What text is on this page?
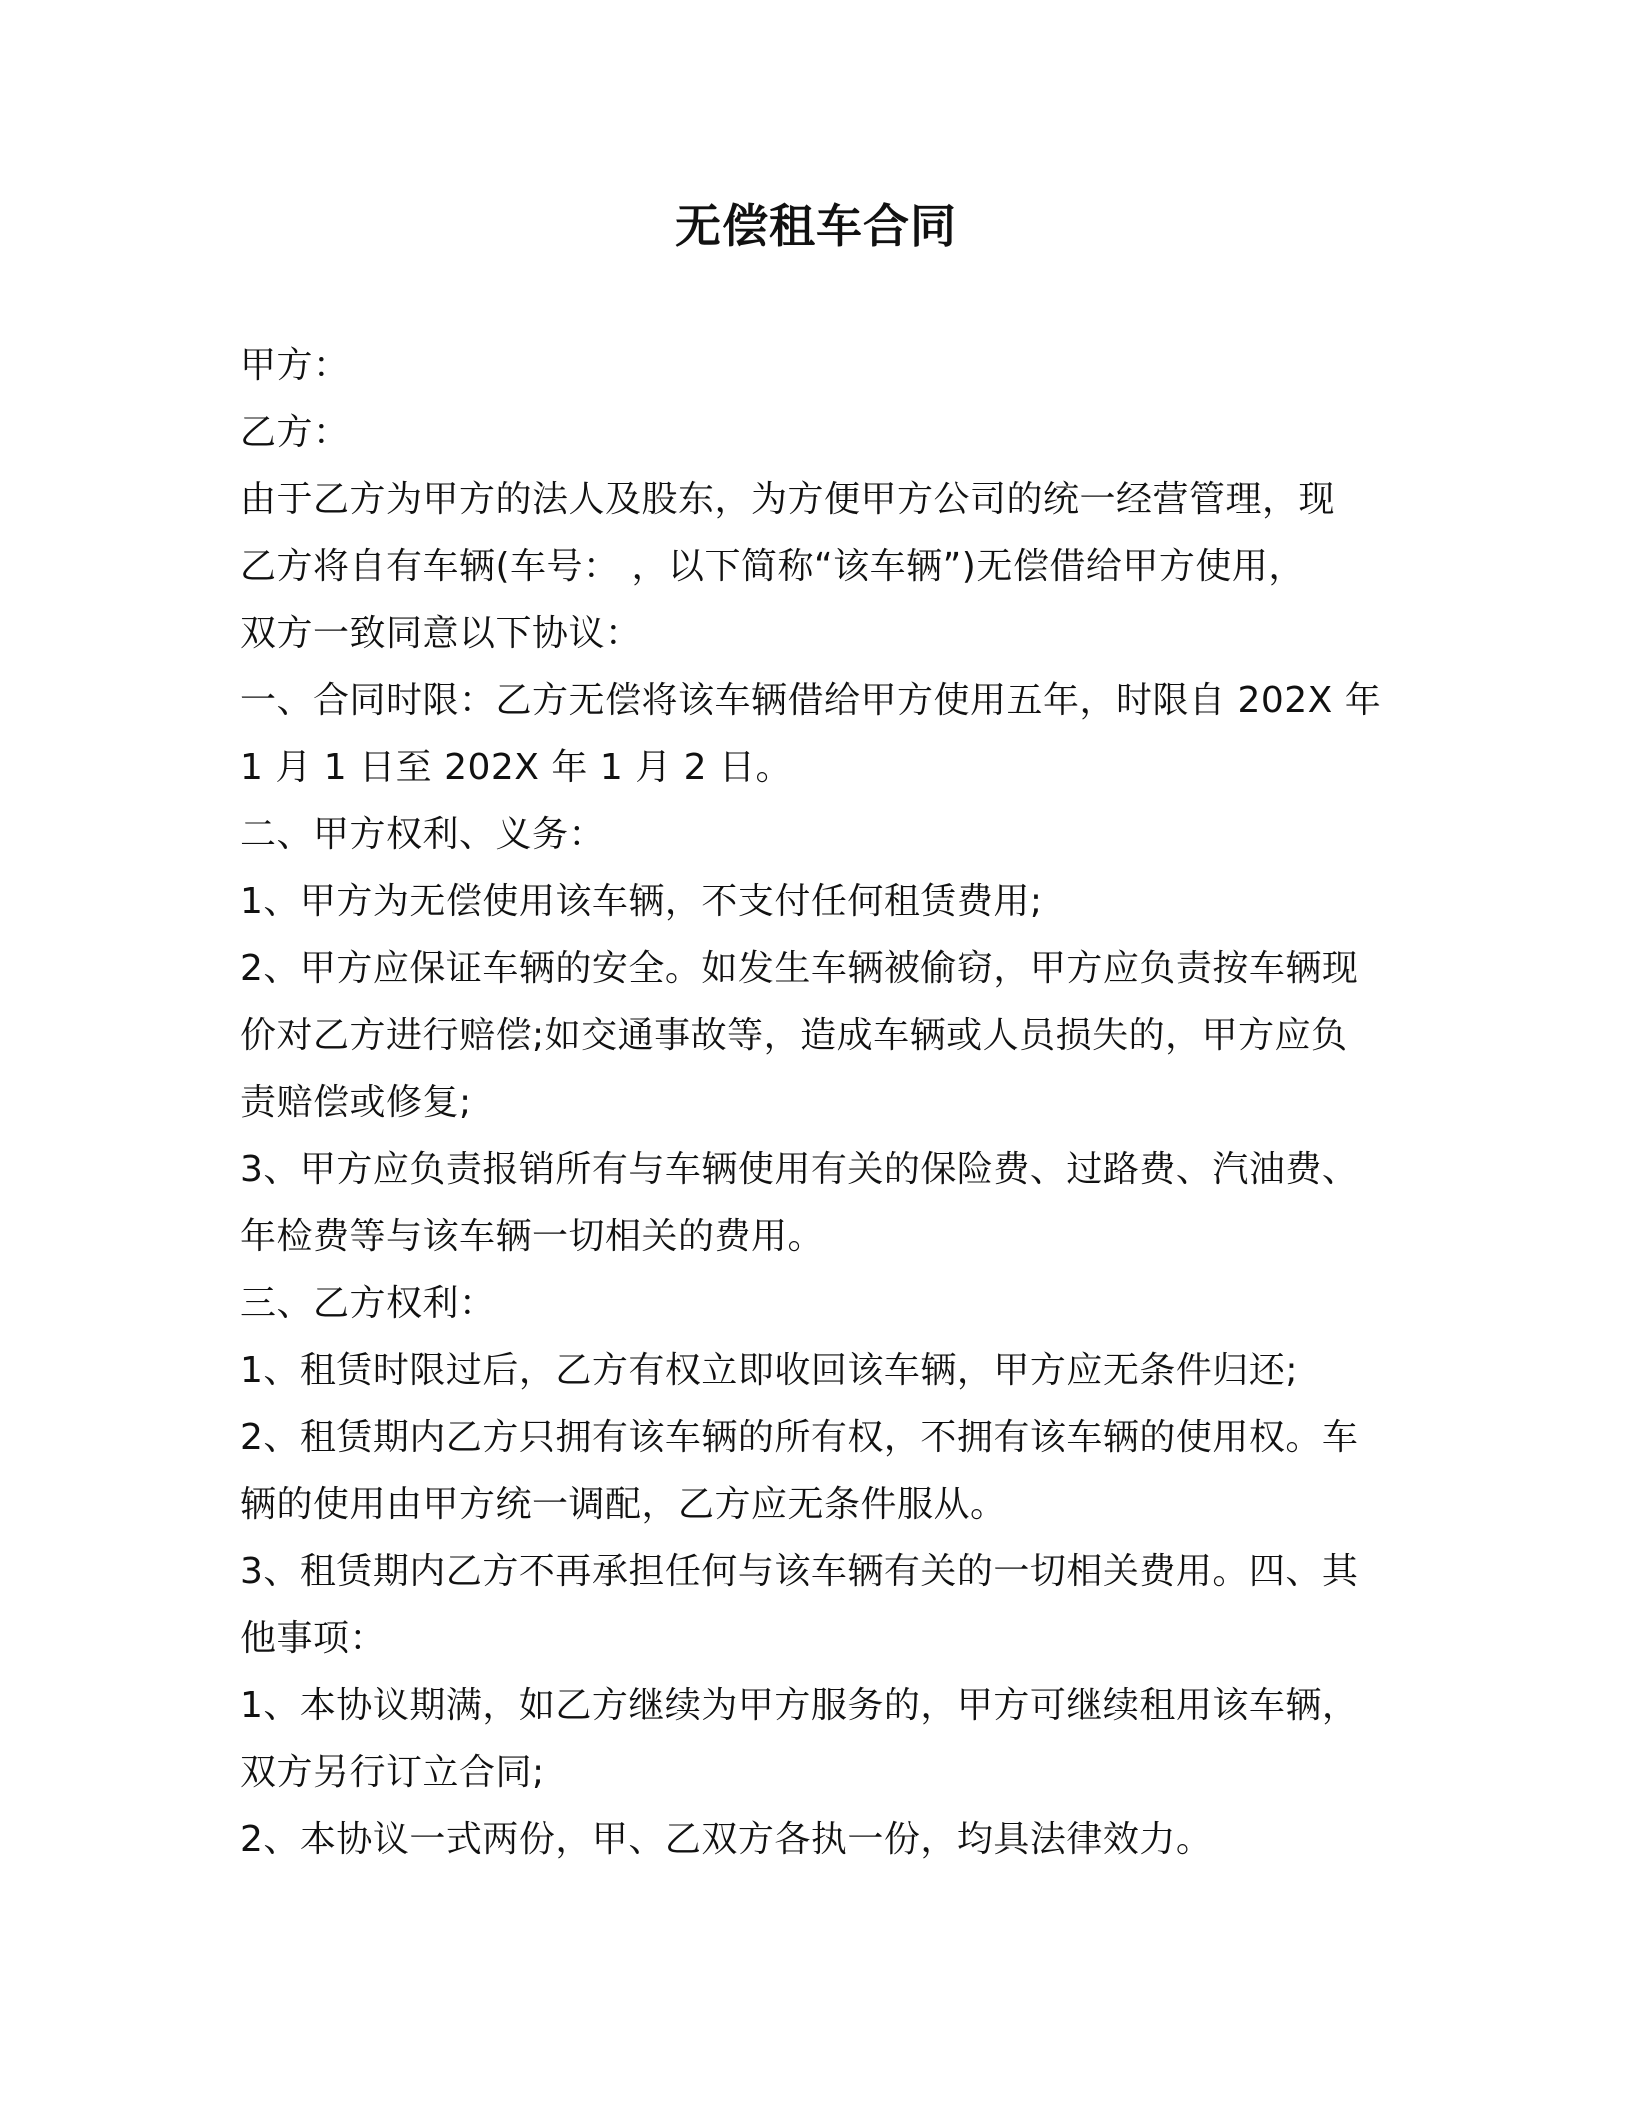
无偿租车合同
甲方：
乙方：
由于乙方为甲方的法人及股东，为方便甲方公司的统一经营管理，现
乙方将自有车辆(车号： ，以下简称“该车辆”)无偿借给甲方使用，
双方一致同意以下协议：
一、合同时限：乙方无偿将该车辆借给甲方使用五年，时限自 202X 年
1 月 1 日至 202X 年 1 月 2 日。
二、甲方权利、义务：
1、甲方为无偿使用该车辆，不支付任何租赁费用;
2、甲方应保证车辆的安全。如发生车辆被偷窃，甲方应负责按车辆现
价对乙方进行赔偿;如交通事故等，造成车辆或人员损失的，甲方应负
责赔偿或修复;
3、甲方应负责报销所有与车辆使用有关的保险费、过路费、汽油费、
年检费等与该车辆一切相关的费用。
三、乙方权利：
1、租赁时限过后，乙方有权立即收回该车辆，甲方应无条件归还;
2、租赁期内乙方只拥有该车辆的所有权，不拥有该车辆的使用权。车
辆的使用由甲方统一调配，乙方应无条件服从。
3、租赁期内乙方不再承担任何与该车辆有关的一切相关费用。四、其
他事项：
1、本协议期满，如乙方继续为甲方服务的，甲方可继续租用该车辆，
双方另行订立合同;
2、本协议一式两份，甲、乙双方各执一份，均具法律效力。
